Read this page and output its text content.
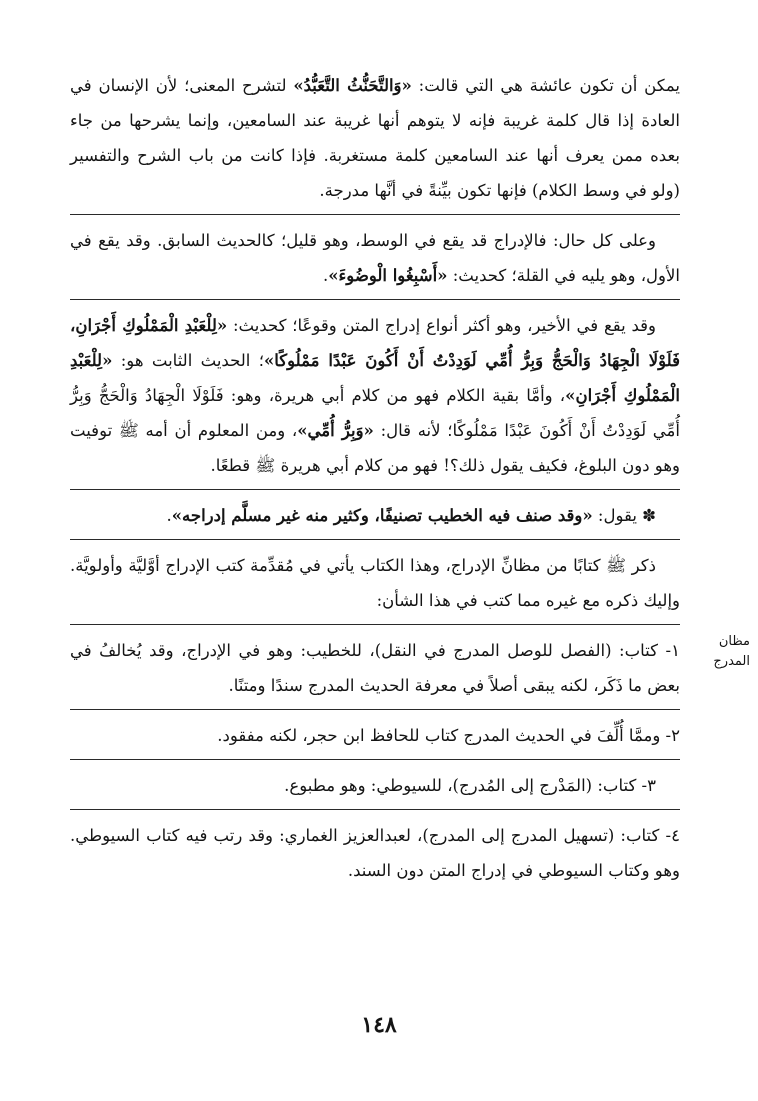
يمكن أن تكون عائشة هي التي قالت: «وَالتَّحَنُّثُ التَّعَبُّدُ» لتشرح المعنى؛ لأن الإنسان في العادة إذا قال كلمة غريبة فإنه لا يتوهم أنها غريبة عند السامعين، وإنما يشرحها من جاء بعده ممن يعرف أنها عند السامعين كلمة مستغربة. فإذا كانت من باب الشرح والتفسير (ولو في وسط الكلام) فإنها تكون بيِّنةً في أنَّها مدرجة.

وعلى كل حال: فالإدراج قد يقع في الوسط، وهو قليل؛ كالحديث السابق. وقد يقع في الأول، وهو يليه في القلة؛ كحديث: «أَسْبِغُوا الْوضُوءَ».

وقد يقع في الأخير، وهو أكثر أنواع إدراج المتن وقوعًا؛ كحديث: «لِلْعَبْدِ الْمَمْلُوكِ أَجْرَانِ، فَلَوْلَا الْجِهَادُ وَالْحَجُّ وَبِرُّ أُمِّي لَوَدِدْتُ أَنْ أَكُونَ عَبْدًا مَمْلُوكًا»؛ الحديث الثابت هو: «لِلْعَبْدِ الْمَمْلُوكِ أَجْرَانِ»، وأمَّا بقية الكلام فهو من كلام أبي هريرة، وهو: فَلَوْلَا الْجِهَادُ وَالْحَجُّ وَبِرُّ أُمِّي لَوَدِدْتُ أَنْ أَكُونَ عَبْدًا مَمْلُوكًا؛ لأنه قال: «وَبِرُّ أُمِّي»، ومن المعلوم أن أمه ﷺ توفيت وهو دون البلوغ، فكيف يقول ذلك؟! فهو من كلام أبي هريرة ﷺ قطعًا.

✽ يقول: «وقد صنف فيه الخطيب تصنيفًا، وكثير منه غير مسلَّم إدراجه».

ذكر ﷺ كتابًا من مظانِّ الإدراج، وهذا الكتاب يأتي في مُقدِّمة كتب الإدراج أوَّليَّة وأولويَّة. وإليك ذكره مع غيره مما كتب في هذا الشأن:

١- كتاب: (الفصل للوصل المدرج في النقل)، للخطيب: وهو في الإدراج، وقد يُخالفُ في بعض ما ذَكَر، لكنه يبقى أصلاً في معرفة الحديث المدرج سندًا ومتنًا.

٢- وممَّا أُلِّفَ في الحديث المدرج كتاب للحافظ ابن حجر، لكنه مفقود.

٣- كتاب: (المَدْرج إلى المُدرج)، للسيوطي: وهو مطبوع.

٤- كتاب: (تسهيل المدرج إلى المدرج)، لعبدالعزيز الغماري: وقد رتب فيه كتاب السيوطي. وهو وكتاب السيوطي في إدراج المتن دون السند.

مظان المدرج
١٤٨
